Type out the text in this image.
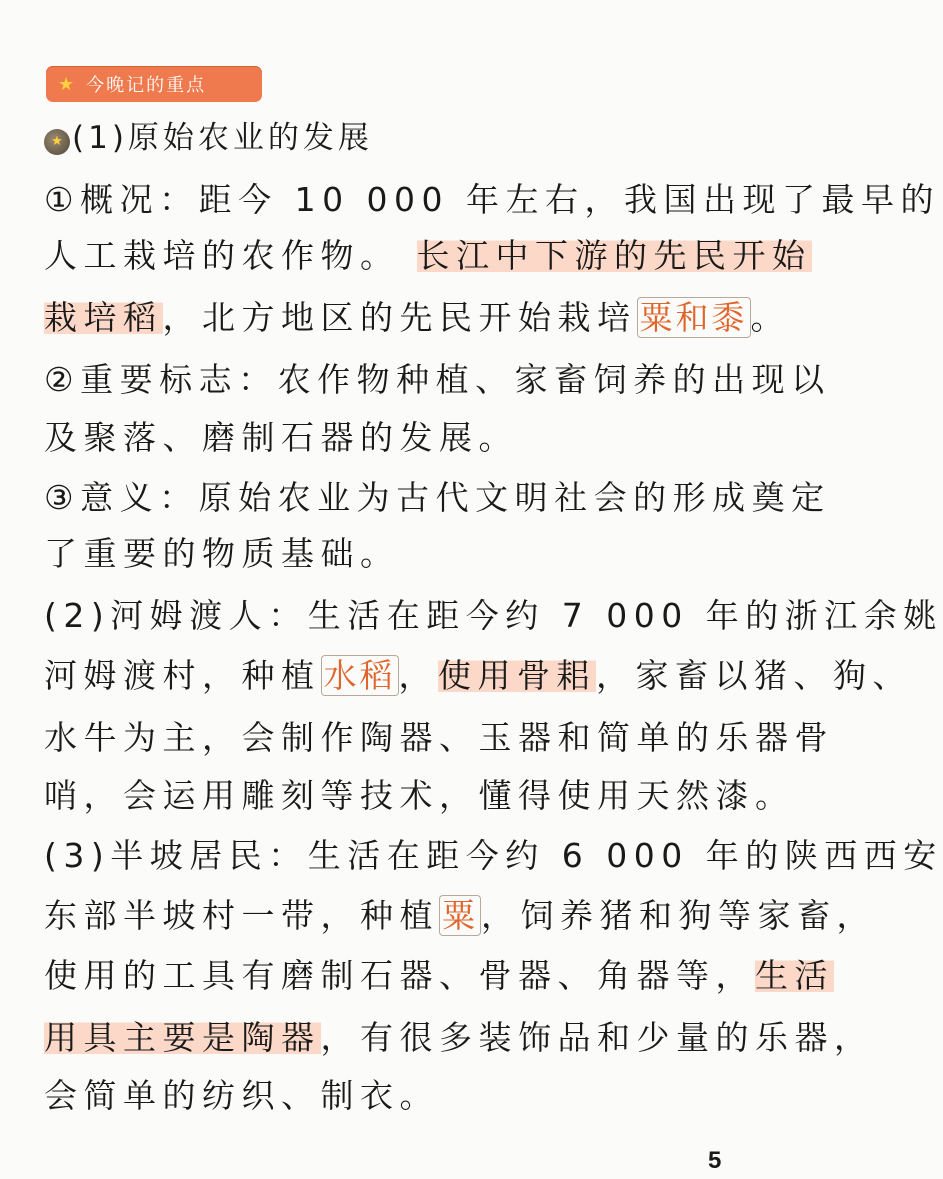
★ 今晚记的重点
★ (1)原始农业的发展
①概况：距今 10 000 年左右，我国出现了最早的
人工栽培的农作物。 长江中下游的先民开始
栽培稻，北方地区的先民开始栽培粟和黍。
②重要标志：农作物种植、家畜饲养的出现以
及聚落、磨制石器的发展。
③意义：原始农业为古代文明社会的形成奠定
了重要的物质基础。
(2)河姆渡人：生活在距今约 7 000 年的浙江余姚
河姆渡村，种植水稻，使用骨耜，家畜以猪、狗、
水牛为主，会制作陶器、玉器和简单的乐器骨
哨，会运用雕刻等技术，懂得使用天然漆。
(3)半坡居民：生活在距今约 6 000 年的陕西西安
东部半坡村一带，种植粟，饲养猪和狗等家畜，
使用的工具有磨制石器、骨器、角器等，生活
用具主要是陶器，有很多装饰品和少量的乐器，
会简单的纺织、制衣。
5
